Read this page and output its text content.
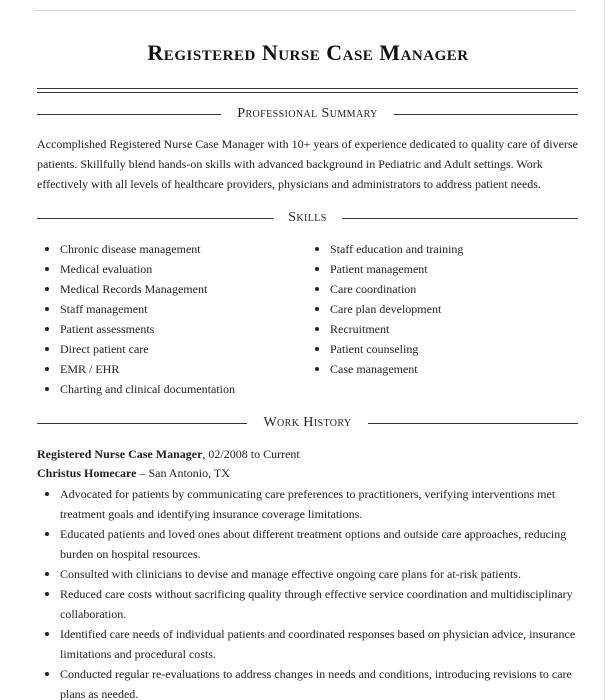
Registered Nurse Case Manager
Professional Summary
Accomplished Registered Nurse Case Manager with 10+ years of experience dedicated to quality care of diverse patients. Skillfully blend hands-on skills with advanced background in Pediatric and Adult settings. Work effectively with all levels of healthcare providers, physicians and administrators to address patient needs.
Skills
Chronic disease management
Medical evaluation
Medical Records Management
Staff management
Patient assessments
Direct patient care
EMR / EHR
Charting and clinical documentation
Staff education and training
Patient management
Care coordination
Care plan development
Recruitment
Patient counseling
Case management
Work History
Registered Nurse Case Manager, 02/2008 to Current
Christus Homecare – San Antonio, TX
Advocated for patients by communicating care preferences to practitioners, verifying interventions met treatment goals and identifying insurance coverage limitations.
Educated patients and loved ones about different treatment options and outside care approaches, reducing burden on hospital resources.
Consulted with clinicians to devise and manage effective ongoing care plans for at-risk patients.
Reduced care costs without sacrificing quality through effective service coordination and multidisciplinary collaboration.
Identified care needs of individual patients and coordinated responses based on physician advice, insurance limitations and procedural costs.
Conducted regular re-evaluations to address changes in needs and conditions, introducing revisions to care plans as needed.
